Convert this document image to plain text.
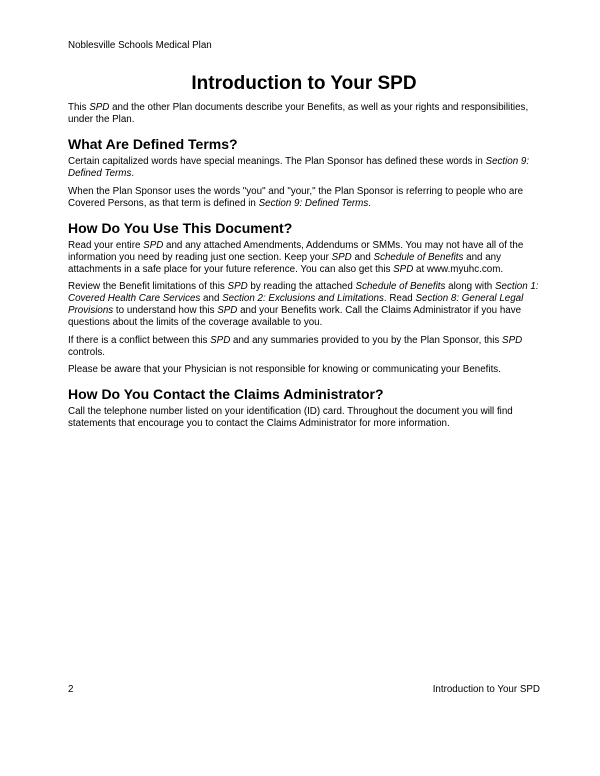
Noblesville Schools Medical Plan
Introduction to Your SPD

This SPD and the other Plan documents describe your Benefits, as well as your rights and responsibilities, under the Plan.

What Are Defined Terms?

Certain capitalized words have special meanings. The Plan Sponsor has defined these words in Section 9: Defined Terms.

When the Plan Sponsor uses the words "you" and "your," the Plan Sponsor is referring to people who are Covered Persons, as that term is defined in Section 9: Defined Terms.

How Do You Use This Document?

Read your entire SPD and any attached Amendments, Addendums or SMMs. You may not have all of the information you need by reading just one section. Keep your SPD and Schedule of Benefits and any attachments in a safe place for your future reference. You can also get this SPD at www.myuhc.com.

Review the Benefit limitations of this SPD by reading the attached Schedule of Benefits along with Section 1: Covered Health Care Services and Section 2: Exclusions and Limitations. Read Section 8: General Legal Provisions to understand how this SPD and your Benefits work. Call the Claims Administrator if you have questions about the limits of the coverage available to you.

If there is a conflict between this SPD and any summaries provided to you by the Plan Sponsor, this SPD controls.

Please be aware that your Physician is not responsible for knowing or communicating your Benefits.

How Do You Contact the Claims Administrator?

Call the telephone number listed on your identification (ID) card. Throughout the document you will find statements that encourage you to contact the Claims Administrator for more information.

2	Introduction to Your SPD
